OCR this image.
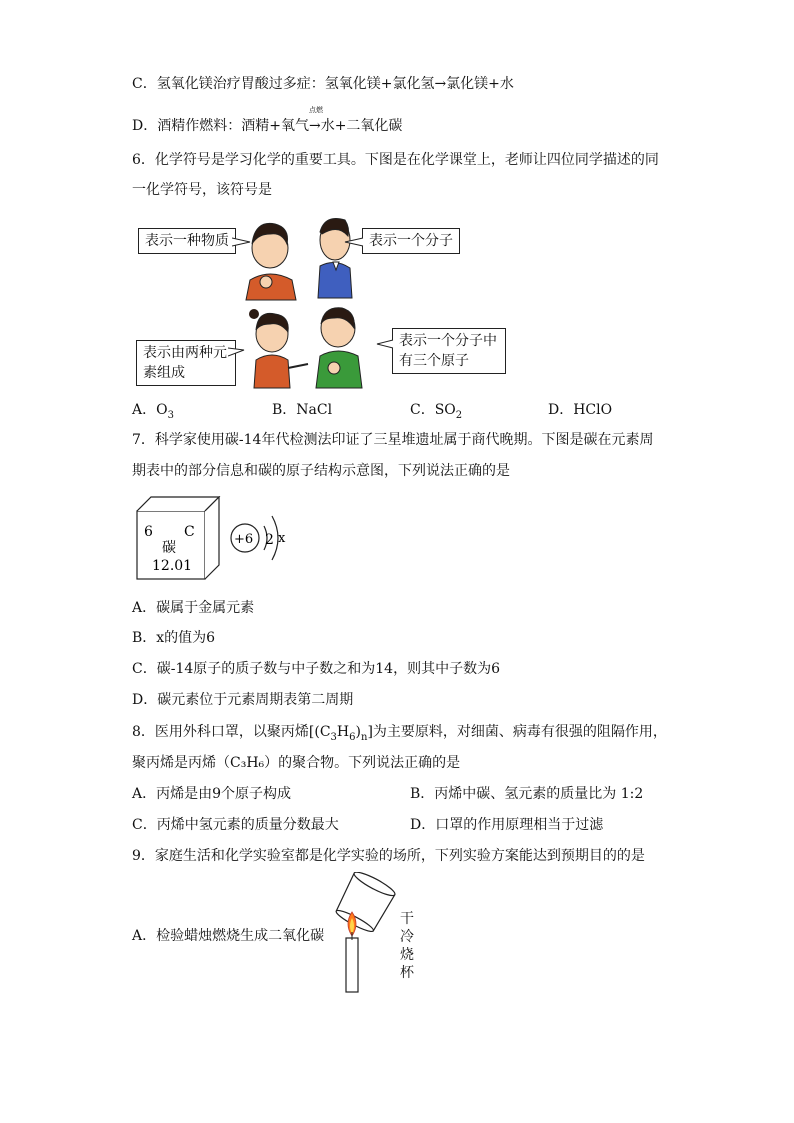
C．氢氧化镁治疗胃酸过多症：氢氧化镁+氯化氢→氯化镁+水
D．酒精作燃料：酒精+氧气
点燃
→水+二氧化碳
6．化学符号是学习化学的重要工具。下图是在化学课堂上，老师让四位同学描述的同
一化学符号，该符号是
表示一种物质	表示一个分子
表示由两种元素组成
表示一个分子中有三个原子
A．$O_3$	B．NaCl	C．$SO_2$	D．HClO
7．科学家使用碳-14年代检测法印证了三星堆遗址属于商代晚期。下图是碳在元素周
期表中的部分信息和碳的原子结构示意图，下列说法正确的是
6 C
碳
12.01
+6 2 x
A．碳属于金属元素
B．x的值为6
C．碳-14原子的质子数与中子数之和为14，则其中子数为6
D．碳元素位于元素周期表第二周期
8．医用外科口罩，以聚丙烯$[(C_3H_6)_n]$为主要原料，对细菌、病毒有很强的阻隔作用，
聚丙烯是丙烯（C₃H₆）的聚合物。下列说法正确的是
A．丙烯是由9个原子构成	B．丙烯中碳、氢元素的质量比为 1:2
C．丙烯中氢元素的质量分数最大	D．口罩的作用原理相当于过滤
9．家庭生活和化学实验室都是化学实验的场所，下列实验方案能达到预期目的的是
A．检验蜡烛燃烧生成二氧化碳
干
冷
烧
杯
